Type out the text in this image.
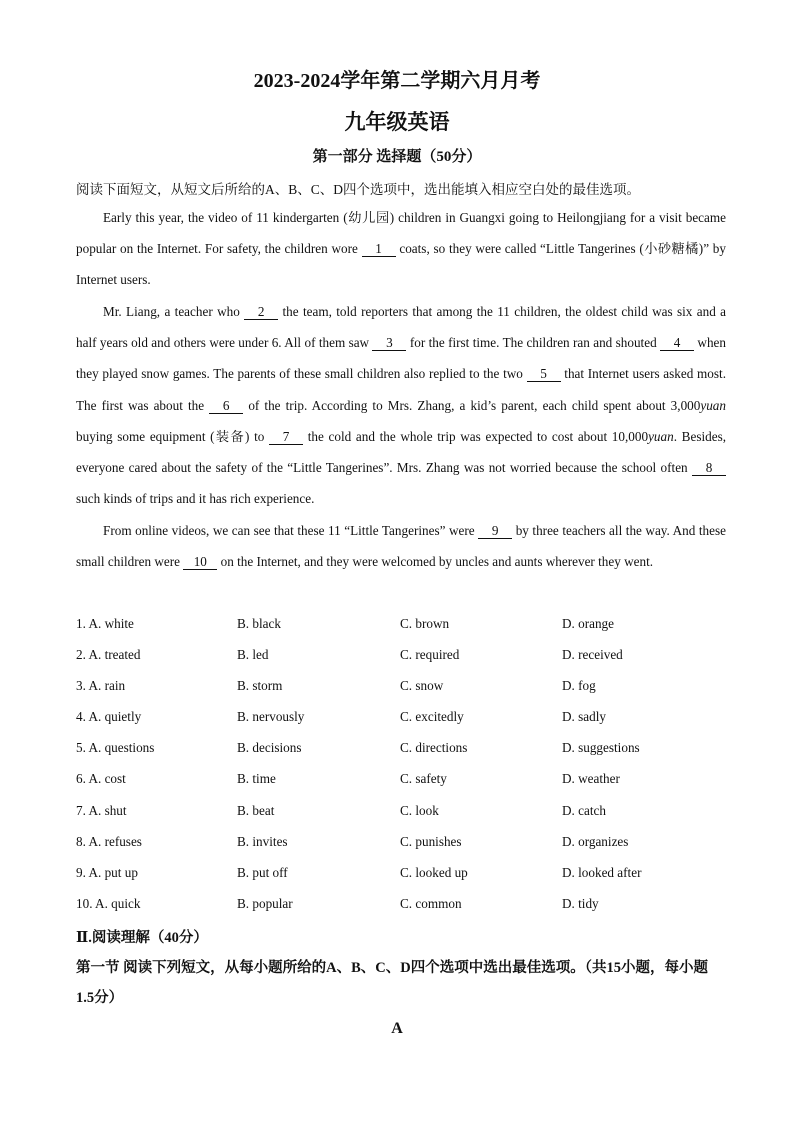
2023-2024学年第二学期六月月考
九年级英语
第一部分 选择题（50分）
阅读下面短文，从短文后所给的A、B、C、D四个选项中，选出能填入相应空白处的最佳选项。
Early this year, the video of 11 kindergarten (幼儿园) children in Guangxi going to Heilongjiang for a visit became popular on the Internet. For safety, the children wore 1 coats, so they were called “Little Tangerines (小砂糖橘)” by Internet users.
Mr. Liang, a teacher who 2 the team, told reporters that among the 11 children, the oldest child was six and a half years old and others were under 6. All of them saw 3 for the first time. The children ran and shouted 4 when they played snow games. The parents of these small children also replied to the two 5 that Internet users asked most. The first was about the 6 of the trip. According to Mrs. Zhang, a kid’s parent, each child spent about 3,000yuan buying some equipment (装备) to 7 the cold and the whole trip was expected to cost about 10,000yuan. Besides, everyone cared about the safety of the “Little Tangerines”. Mrs. Zhang was not worried because the school often 8 such kinds of trips and it has rich experience.
From online videos, we can see that these 11 “Little Tangerines” were 9 by three teachers all the way. And these small children were 10 on the Internet, and they were welcomed by uncles and aunts wherever they went.
1. A. white	B. black	C. brown	D. orange
2. A. treated	B. led	C. required	D. received
3. A. rain	B. storm	C. snow	D. fog
4. A. quietly	B. nervously	C. excitedly	D. sadly
5. A. questions	B. decisions	C. directions	D. suggestions
6. A. cost	B. time	C. safety	D. weather
7. A. shut	B. beat	C. look	D. catch
8. A. refuses	B. invites	C. punishes	D. organizes
9. A. put up	B. put off	C. looked up	D. looked after
10. A. quick	B. popular	C. common	D. tidy
Ⅱ.阅读理解（40分）
第一节 阅读下列短文，从每小题所给的A、B、C、D四个选项中选出最佳选项。（共15小题，每小题1.5分）
A
